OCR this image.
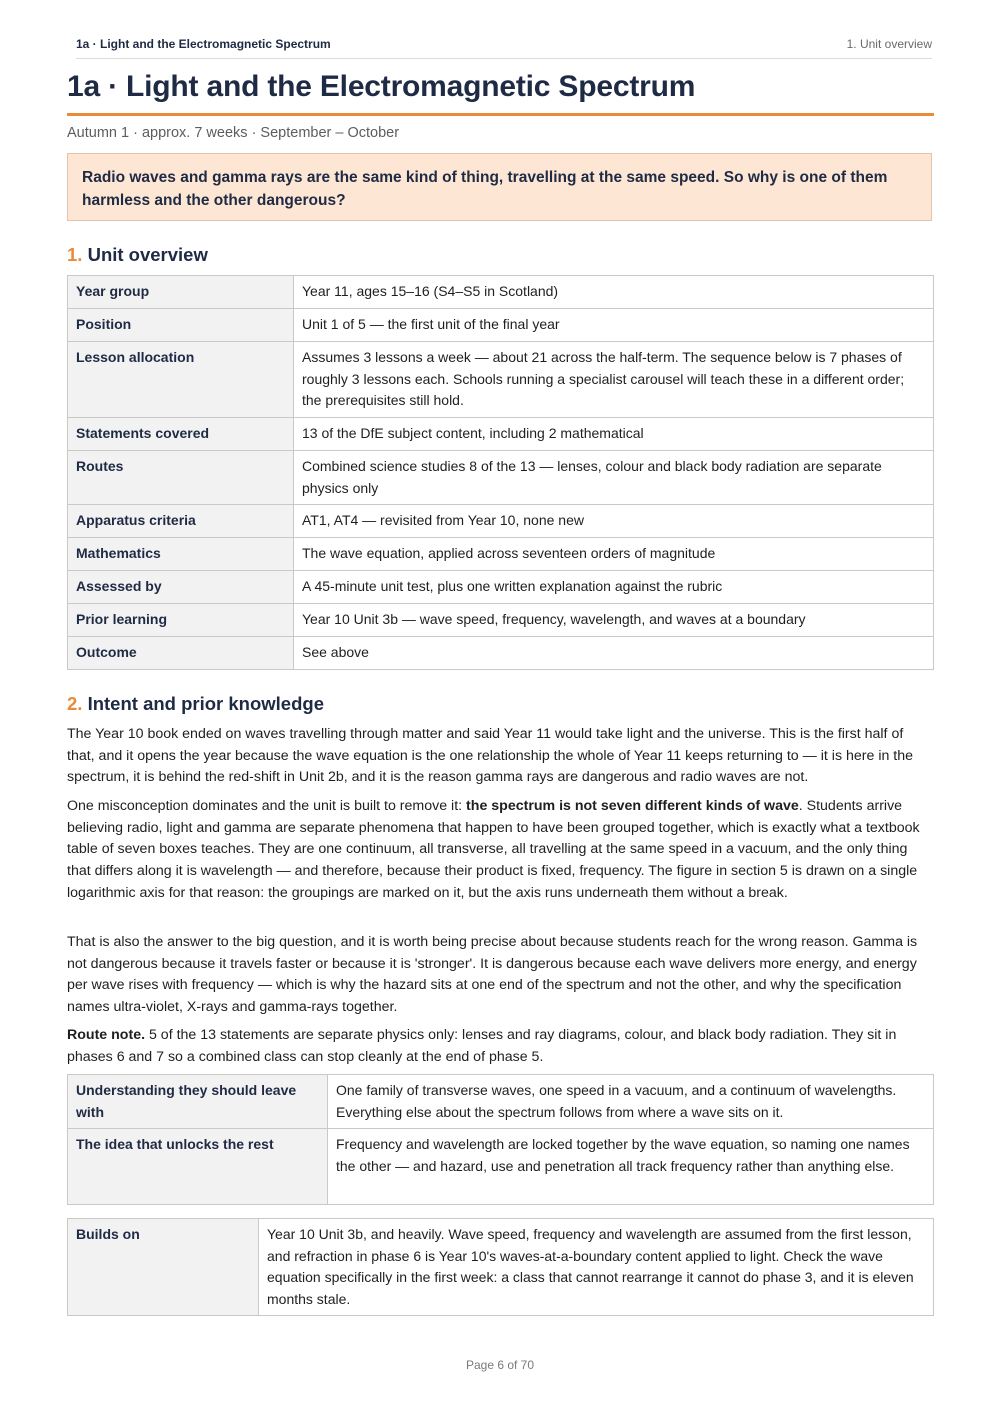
1a · Light and the Electromagnetic Spectrum	1. Unit overview
1a · Light and the Electromagnetic Spectrum
Autumn 1 · approx. 7 weeks · September – October
Radio waves and gamma rays are the same kind of thing, travelling at the same speed. So why is one of them harmless and the other dangerous?
1. Unit overview
Year group	Year 11, ages 15–16 (S4–S5 in Scotland)
Position	Unit 1 of 5 — the first unit of the final year
Lesson allocation	Assumes 3 lessons a week — about 21 across the half-term. The sequence below is 7 phases of roughly 3 lessons each. Schools running a specialist carousel will teach these in a different order; the prerequisites still hold.
Statements covered	13 of the DfE subject content, including 2 mathematical
Routes	Combined science studies 8 of the 13 — lenses, colour and black body radiation are separate physics only
Apparatus criteria	AT1, AT4 — revisited from Year 10, none new
Mathematics	The wave equation, applied across seventeen orders of magnitude
Assessed by	A 45-minute unit test, plus one written explanation against the rubric
Prior learning	Year 10 Unit 3b — wave speed, frequency, wavelength, and waves at a boundary
Outcome	See above
2. Intent and prior knowledge

The Year 10 book ended on waves travelling through matter and said Year 11 would take light and the universe. This is the first half of that, and it opens the year because the wave equation is the one relationship the whole of Year 11 keeps returning to — it is here in the spectrum, it is behind the red-shift in Unit 2b, and it is the reason gamma rays are dangerous and radio waves are not.

One misconception dominates and the unit is built to remove it: the spectrum is not seven different kinds of wave. Students arrive believing radio, light and gamma are separate phenomena that happen to have been grouped together, which is exactly what a textbook table of seven boxes teaches. They are one continuum, all transverse, all travelling at the same speed in a vacuum, and the only thing that differs along it is wavelength — and therefore, because their product is fixed, frequency. The figure in section 5 is drawn on a single logarithmic axis for that reason: the groupings are marked on it, but the axis runs underneath them without a break.

That is also the answer to the big question, and it is worth being precise about because students reach for the wrong reason. Gamma is not dangerous because it travels faster or because it is 'stronger'. It is dangerous because each wave delivers more energy, and energy per wave rises with frequency — which is why the hazard sits at one end of the spectrum and not the other, and why the specification names ultra-violet, X-rays and gamma-rays together.

Route note. 5 of the 13 statements are separate physics only: lenses and ray diagrams, colour, and black body radiation. They sit in phases 6 and 7 so a combined class can stop cleanly at the end of phase 5.

Understanding they should leave with	One family of transverse waves, one speed in a vacuum, and a continuum of wavelengths. Everything else about the spectrum follows from where a wave sits on it.
The idea that unlocks the rest	Frequency and wavelength are locked together by the wave equation, so naming one names the other — and hazard, use and penetration all track frequency rather than anything else.
Builds on	Year 10 Unit 3b, and heavily. Wave speed, frequency and wavelength are assumed from the first lesson, and refraction in phase 6 is Year 10's waves-at-a-boundary content applied to light. Check the wave equation specifically in the first week: a class that cannot rearrange it cannot do phase 3, and it is eleven months stale.
Page 6 of 70
